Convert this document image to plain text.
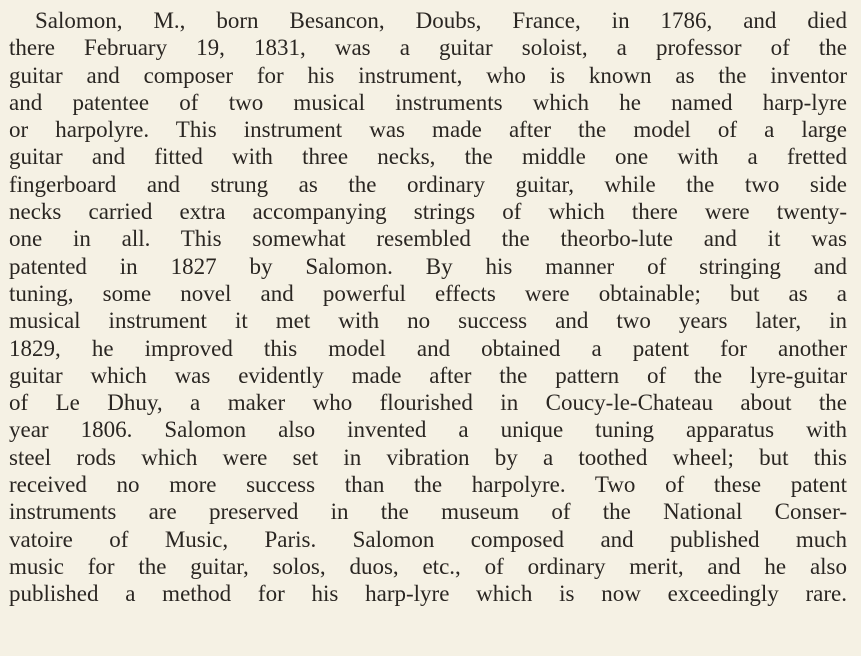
Salomon, M., born Besancon, Doubs, France, in 1786, and died
there February 19, 1831, was a guitar soloist, a professor of the
guitar and composer for his instrument, who is known as the inventor
and patentee of two musical instruments which he named harp-lyre
or harpolyre. This instrument was made after the model of a large
guitar and fitted with three necks, the middle one with a fretted
fingerboard and strung as the ordinary guitar, while the two side
necks carried extra accompanying strings of which there were twenty-
one in all. This somewhat resembled the theorbo-lute and it was
patented in 1827 by Salomon. By his manner of stringing and
tuning, some novel and powerful effects were obtainable; but as a
musical instrument it met with no success and two years later, in
1829, he improved this model and obtained a patent for another
guitar which was evidently made after the pattern of the lyre-guitar
of Le Dhuy, a maker who flourished in Coucy-le-Chateau about the
year 1806. Salomon also invented a unique tuning apparatus with
steel rods which were set in vibration by a toothed wheel; but this
received no more success than the harpolyre. Two of these patent
instruments are preserved in the museum of the National Conser-
vatoire of Music, Paris. Salomon composed and published much
music for the guitar, solos, duos, etc., of ordinary merit, and he also
published a method for his harp-lyre which is now exceedingly rare.
